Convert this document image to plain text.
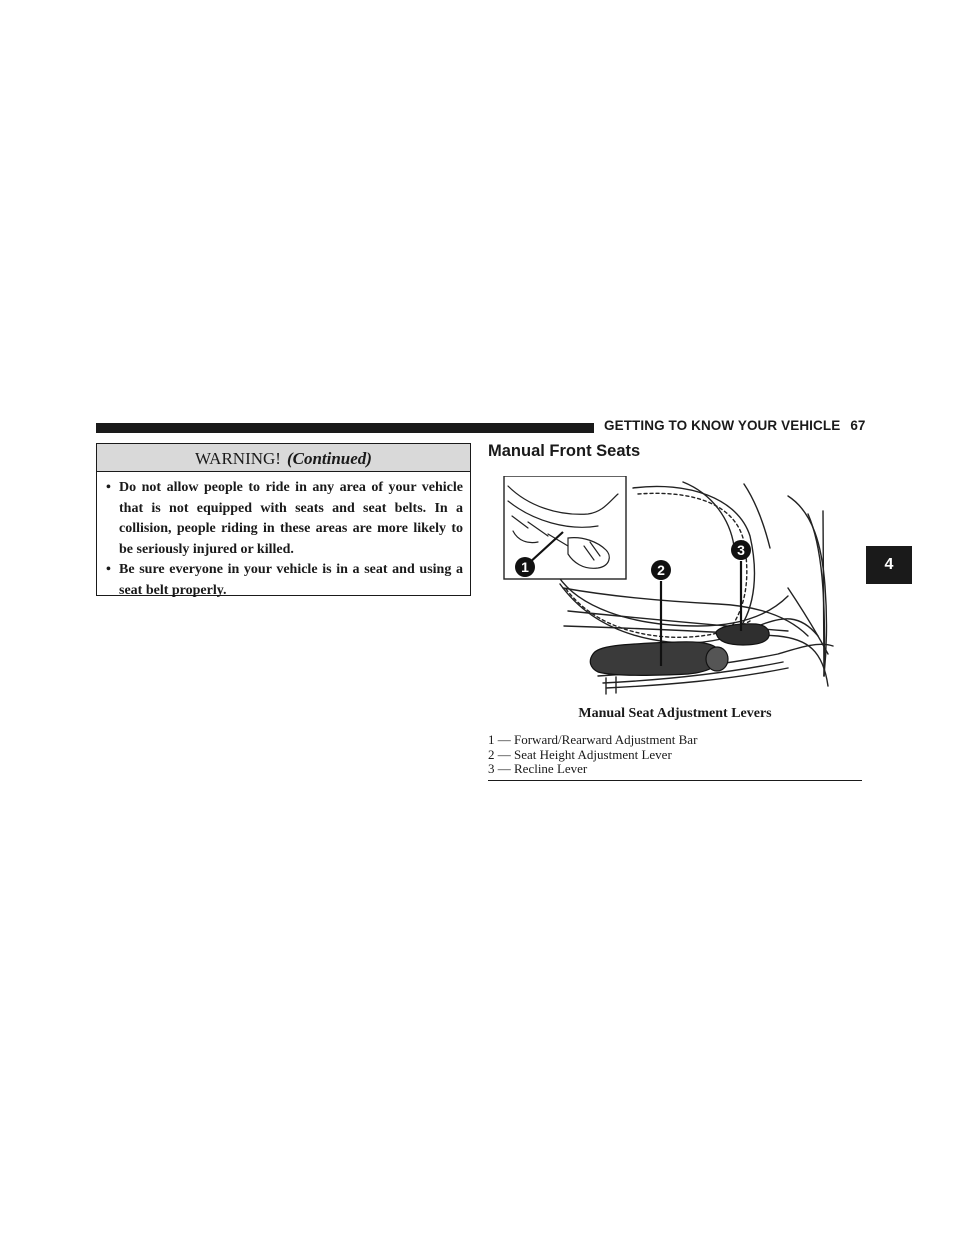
GETTING TO KNOW YOUR VEHICLE 67
4
WARNING! (Continued)
• Do not allow people to ride in any area of your vehicle that is not equipped with seats and seat belts. In a collision, people riding in these areas are more likely to be seriously injured or killed.
• Be sure everyone in your vehicle is in a seat and using a seat belt properly.
Manual Front Seats
1	2
3
Manual Seat Adjustment Levers
1 — Forward/Rearward Adjustment Bar
2 — Seat Height Adjustment Lever
3 — Recline Lever
